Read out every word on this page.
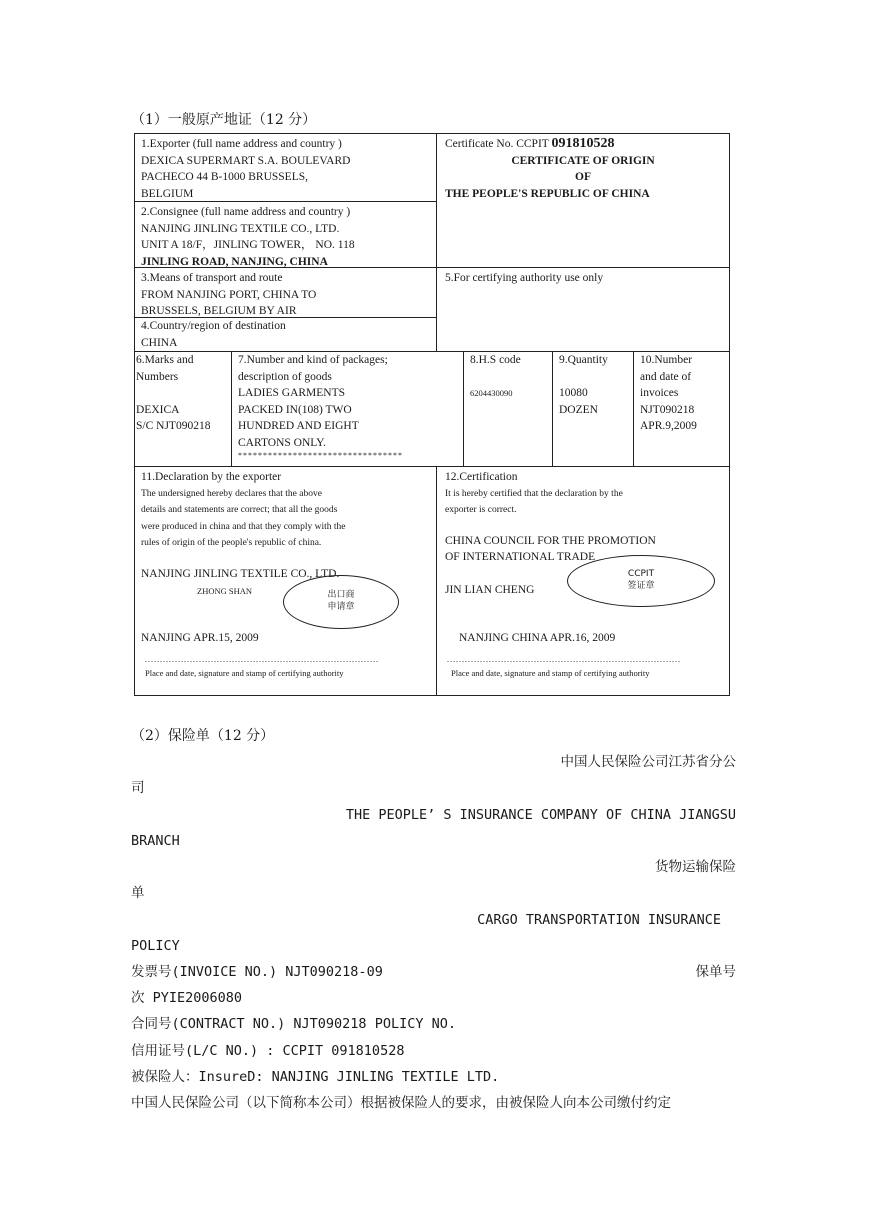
（1）一般原产地证（12 分）

1.Exporter (full name address and country )

DEXICA SUPERMART S.A. BOULEVARD

PACHECO 44 B-1000 BRUSSELS,

BELGIUM

2.Consignee (full name address and country )

NANJING JINLING TEXTILE CO., LTD.

UNIT A 18/F，JINLING TOWER， NO. 118

JINLING ROAD, NANJING, CHINA

Certificate No. CCPIT 091810528

CERTIFICATE OF ORIGIN

OF

THE PEOPLE'S REPUBLIC OF CHINA

3.Means of transport and route

FROM NANJING PORT, CHINA TO

BRUSSELS, BELGIUM BY AIR

4.Country/region of destination

CHINA

5.For certifying authority use only

6.Marks and

Numbers

DEXICA

S/C NJT090218

7.Number and kind of packages;

description of goods

LADIES GARMENTS

PACKED IN(108) TWO

HUNDRED AND EIGHT

CARTONS ONLY.

*********************************

8.H.S code

6204430090

9.Quantity

10080

DOZEN

10.Number

and date of

invoices

NJT090218

APR.9,2009

11.Declaration by the exporter

The undersigned hereby declares that the above

details and statements are correct; that all the goods

were produced in china and that they comply with the

rules of origin of the people's republic of china.

NANJING JINLING TEXTILE CO., LTD.

ZHONG SHAN

NANJING APR.15, 2009

..............................................................................

Place and date, signature and stamp of certifying authority

出口商
申请章

12.Certification

It is hereby certified that the declaration by the

exporter is correct.

CHINA COUNCIL FOR THE PROMOTION

OF INTERNATIONAL TRADE

JIN LIAN CHENG

NANJING CHINA APR.16, 2009

..............................................................................

Place and date, signature and stamp of certifying authority

CCPIT
签证章
（2）保险单（12 分）
中国人民保险公司江苏省分公
司
THE PEOPLE’ S INSURANCE COMPANY OF CHINA JIANGSU
BRANCH
货物运输保险
单
CARGO TRANSPORTATION INSURANCE
POLICY
发票号(INVOICE NO.) NJT090218-09	保单号
次 PYIE2006080
合同号(CONTRACT NO.) NJT090218 POLICY NO.
信用证号(L/C NO.) : CCPIT 091810528
被保险人：InsureD: NANJING JINLING TEXTILE LTD.
中国人民保险公司（以下简称本公司）根据被保险人的要求，由被保险人向本公司缴付约定
